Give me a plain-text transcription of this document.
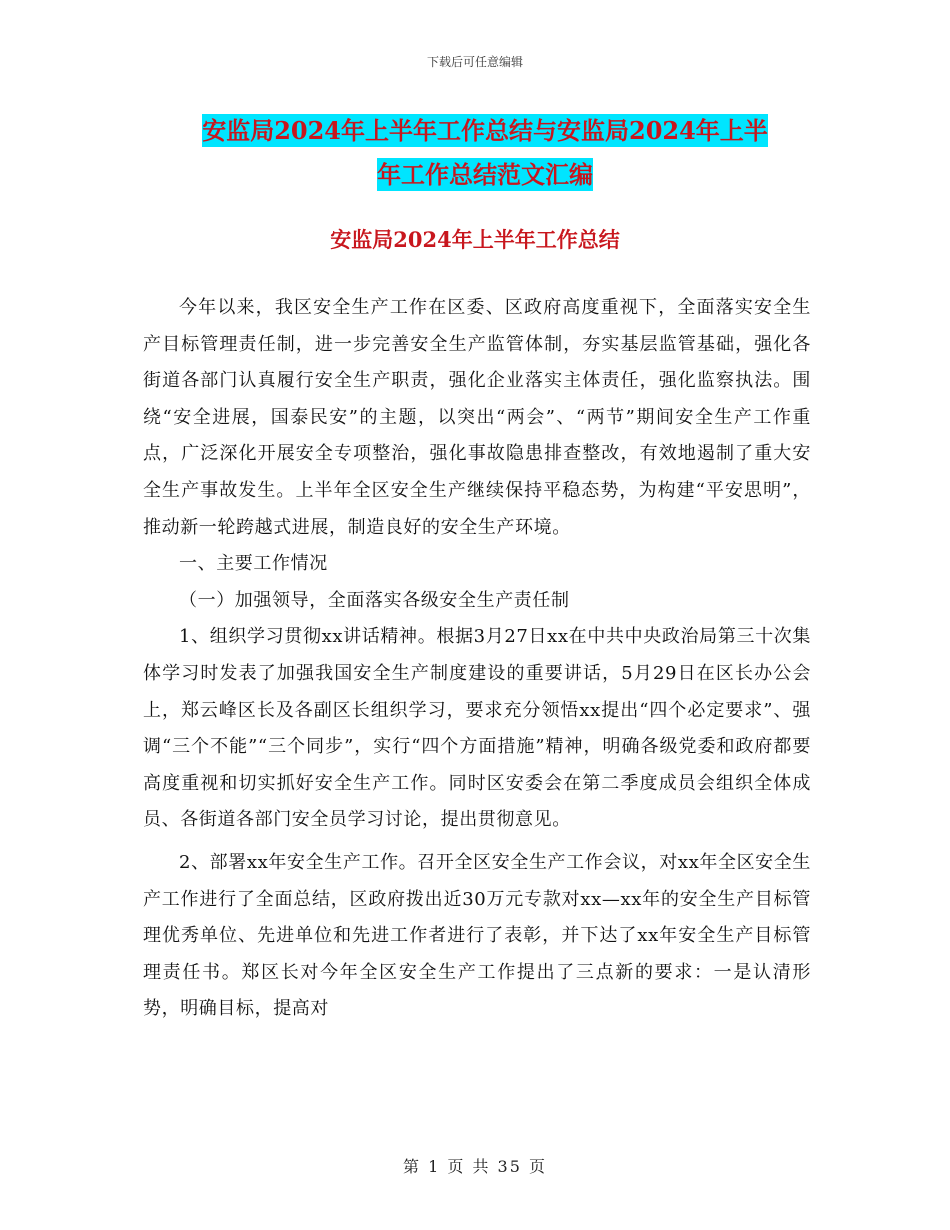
下载后可任意编辑
安监局2024年上半年工作总结与安监局2024年上半
年工作总结范文汇编
安监局2024年上半年工作总结

今年以来，我区安全生产工作在区委、区政府高度重视下，全面落实安全生产目标管理责任制，进一步完善安全生产监管体制，夯实基层监管基础，强化各街道各部门认真履行安全生产职责，强化企业落实主体责任，强化监察执法。围绕“安全进展，国泰民安”的主题，以突出“两会”、“两节”期间安全生产工作重点，广泛深化开展安全专项整治，强化事故隐患排查整改，有效地遏制了重大安全生产事故发生。上半年全区安全生产继续保持平稳态势，为构建“平安思明”，推动新一轮跨越式进展，制造良好的安全生产环境。

一、主要工作情况

（一）加强领导，全面落实各级安全生产责任制

1、组织学习贯彻xx讲话精神。根据3月27日xx在中共中央政治局第三十次集体学习时发表了加强我国安全生产制度建设的重要讲话，5月29日在区长办公会上，郑云峰区长及各副区长组织学习，要求充分领悟xx提出“四个必定要求”、强调“三个不能”“三个同步”，实行“四个方面措施”精神，明确各级党委和政府都要高度重视和切实抓好安全生产工作。同时区安委会在第二季度成员会组织全体成员、各街道各部门安全员学习讨论，提出贯彻意见。

2、部署xx年安全生产工作。召开全区安全生产工作会议，对xx年全区安全生产工作进行了全面总结，区政府拨出近30万元专款对xx—xx年的安全生产目标管理优秀单位、先进单位和先进工作者进行了表彰，并下达了xx年安全生产目标管理责任书。郑区长对今年全区安全生产工作提出了三点新的要求：一是认清形势，明确目标，提高对

第 1 页 共 35 页
